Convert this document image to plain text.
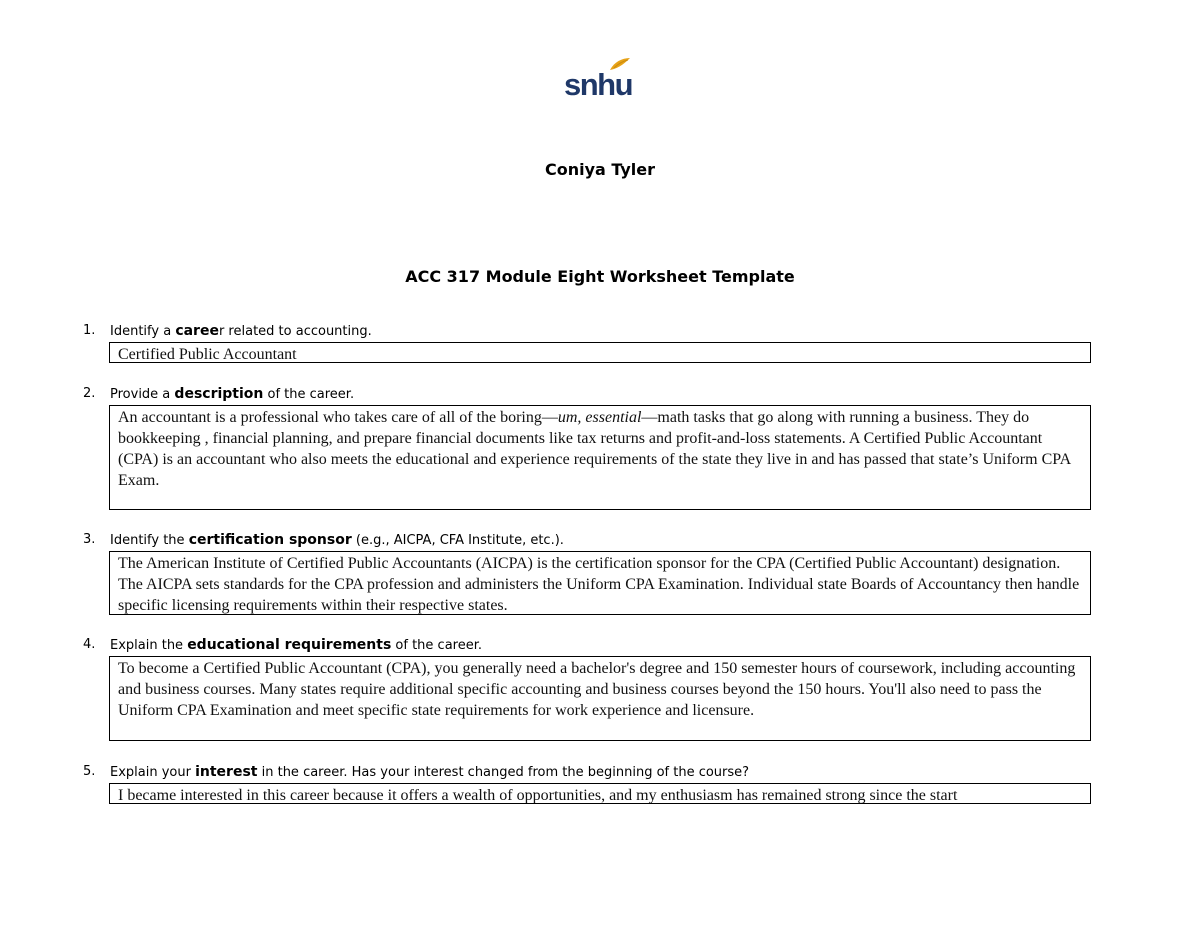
snhu
Coniya Tyler
ACC 317 Module Eight Worksheet Template
1. Identify a career related to accounting.
Certified Public Accountant
2. Provide a description of the career.
An accountant is a professional who takes care of all of the boring—um, essential—math tasks that go along with running a business. They do bookkeeping , financial planning, and prepare financial documents like tax returns and profit-and-loss statements. A Certified Public Accountant (CPA) is an accountant who also meets the educational and experience requirements of the state they live in and has passed that state’s Uniform CPA Exam.
3. Identify the certification sponsor (e.g., AICPA, CFA Institute, etc.).
The American Institute of Certified Public Accountants (AICPA) is the certification sponsor for the CPA (Certified Public Accountant) designation. The AICPA sets standards for the CPA profession and administers the Uniform CPA Examination. Individual state Boards of Accountancy then handle specific licensing requirements within their respective states.
4. Explain the educational requirements of the career.
To become a Certified Public Accountant (CPA), you generally need a bachelor's degree and 150 semester hours of coursework, including accounting and business courses. Many states require additional specific accounting and business courses beyond the 150 hours. You'll also need to pass the Uniform CPA Examination and meet specific state requirements for work experience and licensure.
5. Explain your interest in the career. Has your interest changed from the beginning of the course?
I became interested in this career because it offers a wealth of opportunities, and my enthusiasm has remained strong since the start
